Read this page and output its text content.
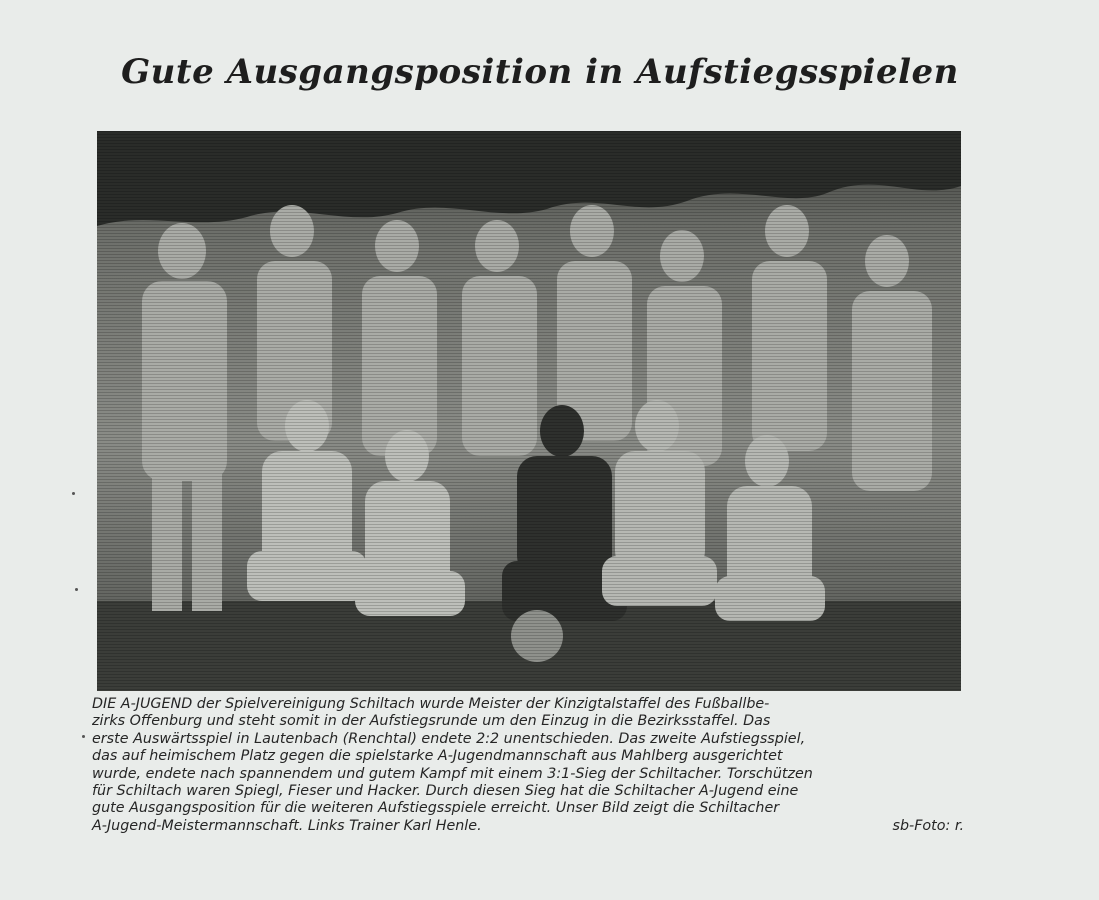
Gute Ausgangsposition in Aufstiegsspielen
DIE A-JUGEND der Spielvereinigung Schiltach wurde Meister der Kinzigtalstaffel des Fußballbe-
zirks Offenburg und steht somit in der Aufstiegsrunde um den Einzug in die Bezirksstaffel. Das
erste Auswärtsspiel in Lautenbach (Renchtal) endete 2:2 unentschieden. Das zweite Aufstiegsspiel,
das auf heimischem Platz gegen die spielstarke A-Jugendmannschaft aus Mahlberg ausgerichtet
wurde, endete nach spannendem und gutem Kampf mit einem 3:1-Sieg der Schiltacher. Torschützen
für Schiltach waren Spiegl, Fieser und Hacker. Durch diesen Sieg hat die Schiltacher A-Jugend eine
gute Ausgangsposition für die weiteren Aufstiegsspiele erreicht. Unser Bild zeigt die Schiltacher
A-Jugend-Meistermannschaft. Links Trainer Karl Henle.	sb-Foto: r.
